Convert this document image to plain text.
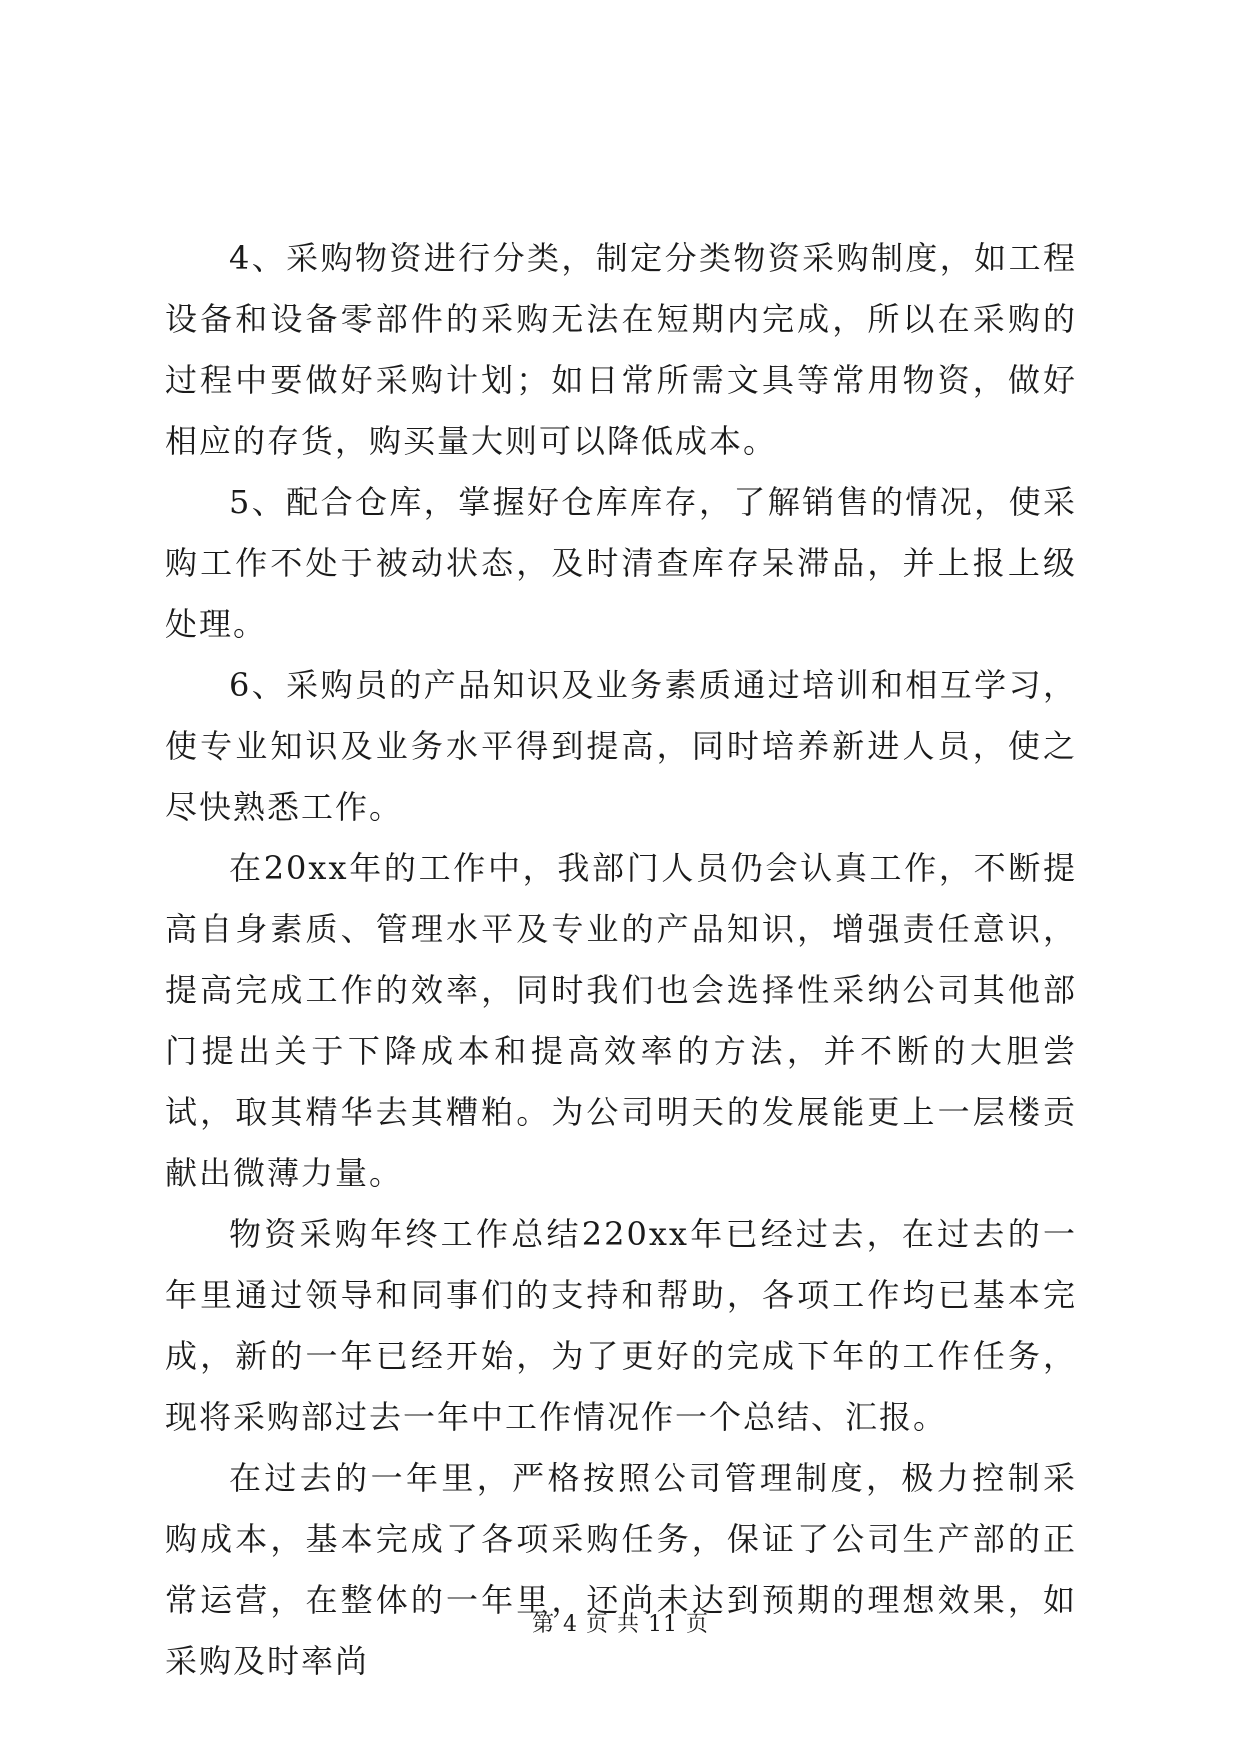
4、采购物资进行分类，制定分类物资采购制度，如工程设备和设备零部件的采购无法在短期内完成，所以在采购的过程中要做好采购计划；如日常所需文具等常用物资，做好相应的存货，购买量大则可以降低成本。

5、配合仓库，掌握好仓库库存，了解销售的情况，使采购工作不处于被动状态，及时清查库存呆滞品，并上报上级处理。

6、采购员的产品知识及业务素质通过培训和相互学习，使专业知识及业务水平得到提高，同时培养新进人员，使之尽快熟悉工作。

在20xx年的工作中，我部门人员仍会认真工作，不断提高自身素质、管理水平及专业的产品知识，增强责任意识，提高完成工作的效率，同时我们也会选择性采纳公司其他部门提出关于下降成本和提高效率的方法，并不断的大胆尝试，取其精华去其糟粕。为公司明天的发展能更上一层楼贡献出微薄力量。

物资采购年终工作总结220xx年已经过去，在过去的一年里通过领导和同事们的支持和帮助，各项工作均已基本完成，新的一年已经开始，为了更好的完成下年的工作任务，现将采购部过去一年中工作情况作一个总结、汇报。

在过去的一年里，严格按照公司管理制度，极力控制采购成本，基本完成了各项采购任务，保证了公司生产部的正常运营，在整体的一年里，还尚未达到预期的理想效果，如采购及时率尚

第 4 页 共 11 页
